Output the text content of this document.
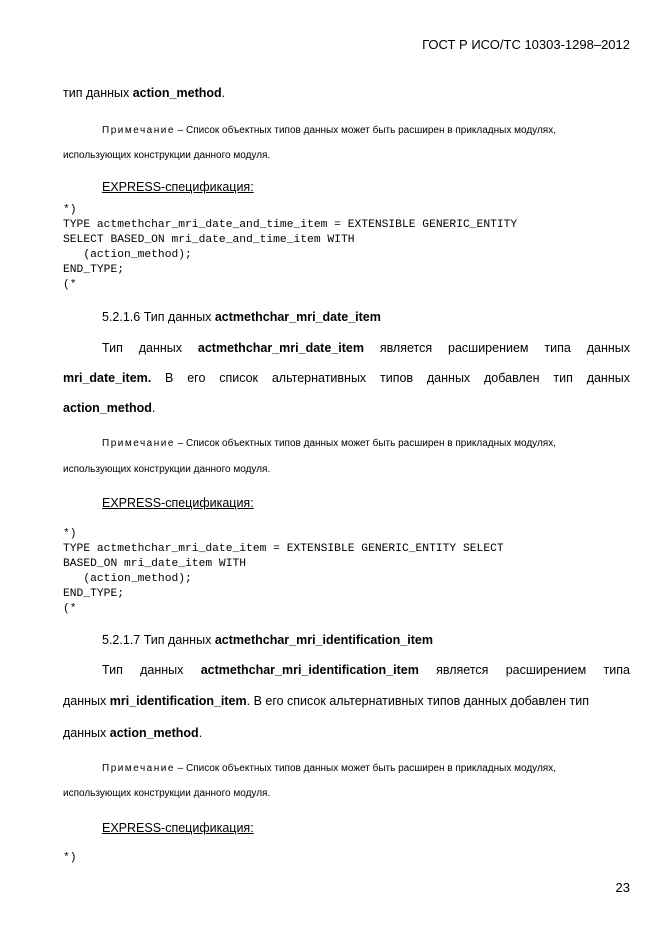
ГОСТ Р ИСО/ТС 10303-1298–2012
тип данных action_method.
Примечание – Список объектных типов данных может быть расширен в прикладных модулях,
использующих конструкции данного модуля.
EXPRESS-спецификация:
*)
TYPE actmethchar_mri_date_and_time_item = EXTENSIBLE GENERIC_ENTITY
SELECT BASED_ON mri_date_and_time_item WITH
(action_method);
END_TYPE;
(*
5.2.1.6 Тип данных actmethchar_mri_date_item
Тип данных actmethchar_mri_date_item является расширением типа данных
mri_date_item. В его список альтернативных типов данных добавлен тип данных
action_method.
Примечание – Список объектных типов данных может быть расширен в прикладных модулях,
использующих конструкции данного модуля.
EXPRESS-спецификация:
*)
TYPE actmethchar_mri_date_item = EXTENSIBLE GENERIC_ENTITY SELECT
BASED_ON mri_date_item WITH
(action_method);
END_TYPE;
(*
5.2.1.7 Тип данных actmethchar_mri_identification_item
Тип данных actmethchar_mri_identification_item является расширением типа
данных mri_identification_item. В его список альтернативных типов данных добавлен тип
данных action_method.
Примечание – Список объектных типов данных может быть расширен в прикладных модулях,
использующих конструкции данного модуля.
EXPRESS-спецификация:
*)
23
